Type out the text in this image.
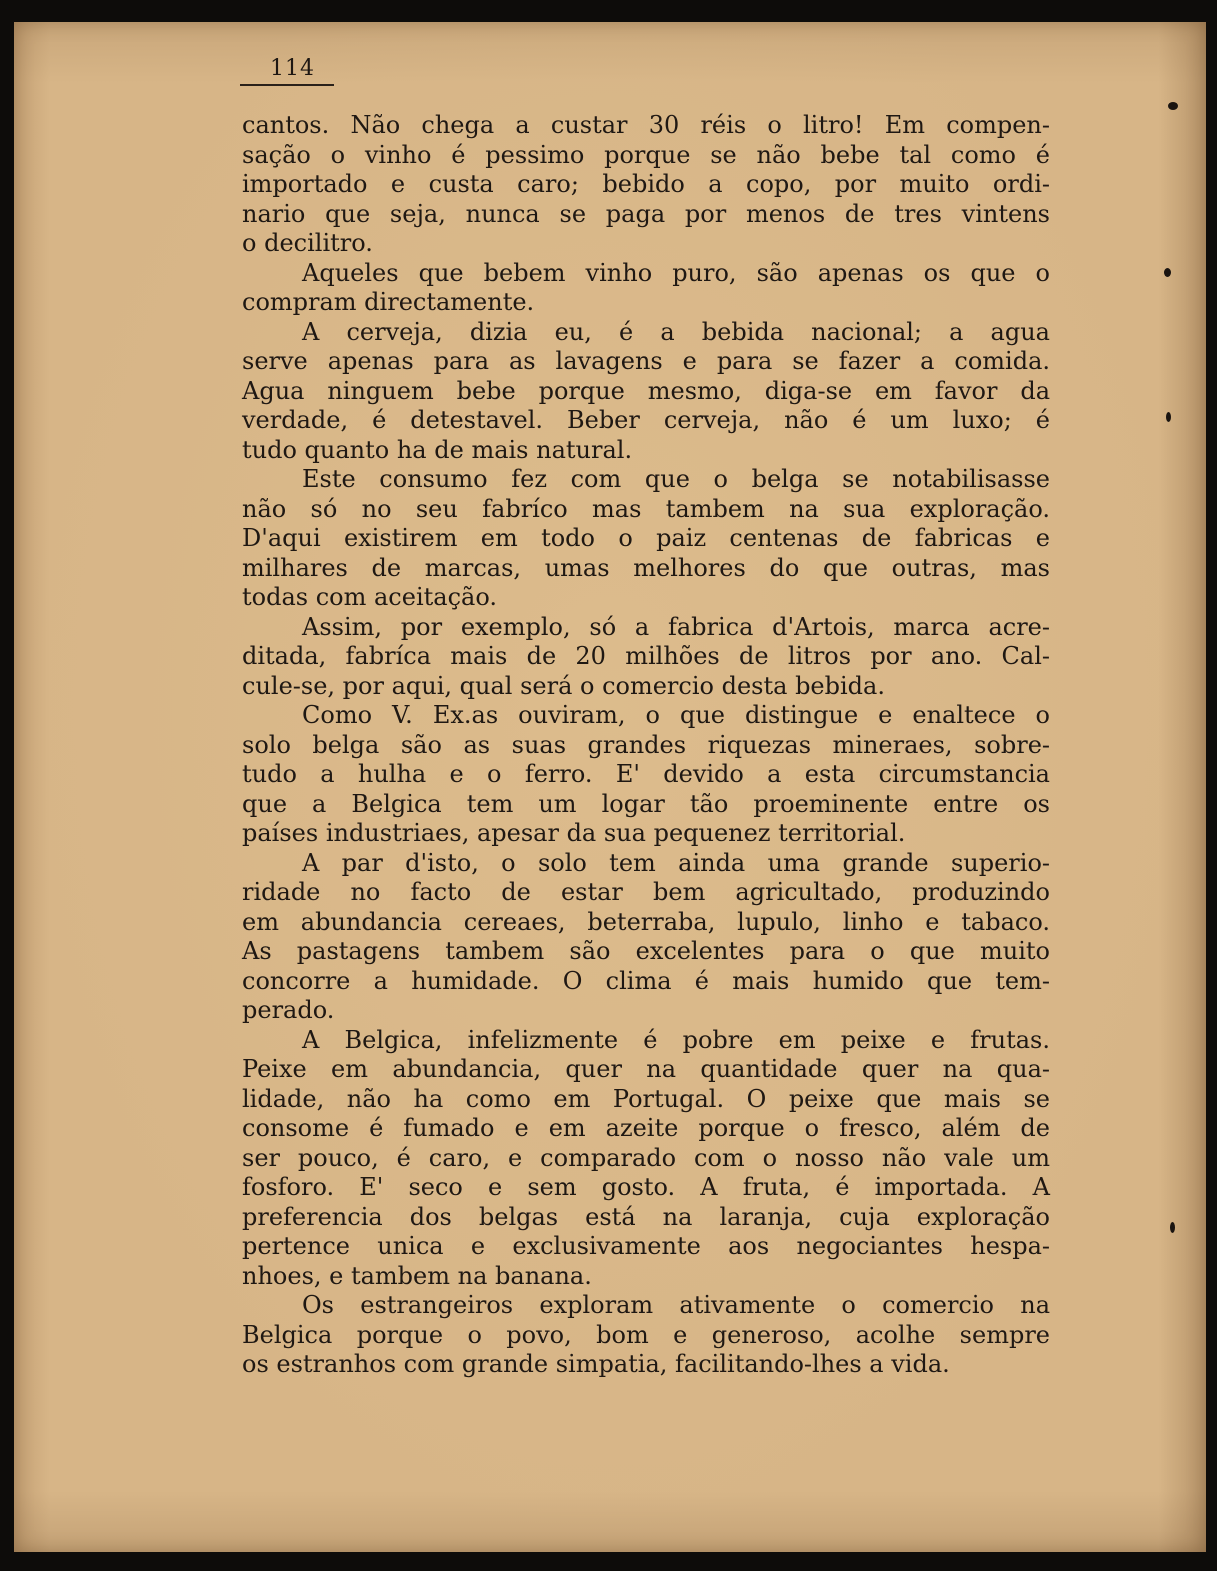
114
cantos. Não chega a custar 30 réis o litro! Em compen-
sação o vinho é pessimo porque se não bebe tal como é
importado e custa caro; bebido a copo, por muito ordi-
nario que seja, nunca se paga por menos de tres vintens
o decilitro.
Aqueles que bebem vinho puro, são apenas os que o
compram directamente.
A cerveja, dizia eu, é a bebida nacional; a agua
serve apenas para as lavagens e para se fazer a comida.
Agua ninguem bebe porque mesmo, diga-se em favor da
verdade, é detestavel. Beber cerveja, não é um luxo; é
tudo quanto ha de mais natural.
Este consumo fez com que o belga se notabilisasse
não só no seu fabríco mas tambem na sua exploração.
D'aqui existirem em todo o paiz centenas de fabricas e
milhares de marcas, umas melhores do que outras, mas
todas com aceitação.
Assim, por exemplo, só a fabrica d'Artois, marca acre-
ditada, fabríca mais de 20 milhões de litros por ano. Cal-
cule-se, por aqui, qual será o comercio desta bebida.
Como V. Ex.as ouviram, o que distingue e enaltece o
solo belga são as suas grandes riquezas mineraes, sobre-
tudo a hulha e o ferro. E' devido a esta circumstancia
que a Belgica tem um logar tão proeminente entre os
países industriaes, apesar da sua pequenez territorial.
A par d'isto, o solo tem ainda uma grande superio-
ridade no facto de estar bem agricultado, produzindo
em abundancia cereaes, beterraba, lupulo, linho e tabaco.
As pastagens tambem são excelentes para o que muito
concorre a humidade. O clima é mais humido que tem-
perado.
A Belgica, infelizmente é pobre em peixe e frutas.
Peixe em abundancia, quer na quantidade quer na qua-
lidade, não ha como em Portugal. O peixe que mais se
consome é fumado e em azeite porque o fresco, além de
ser pouco, é caro, e comparado com o nosso não vale um
fosforo. E' seco e sem gosto. A fruta, é importada. A
preferencia dos belgas está na laranja, cuja exploração
pertence unica e exclusivamente aos negociantes hespa-
nhoes, e tambem na banana.
Os estrangeiros exploram ativamente o comercio na
Belgica porque o povo, bom e generoso, acolhe sempre
os estranhos com grande simpatia, facilitando-lhes a vida.
